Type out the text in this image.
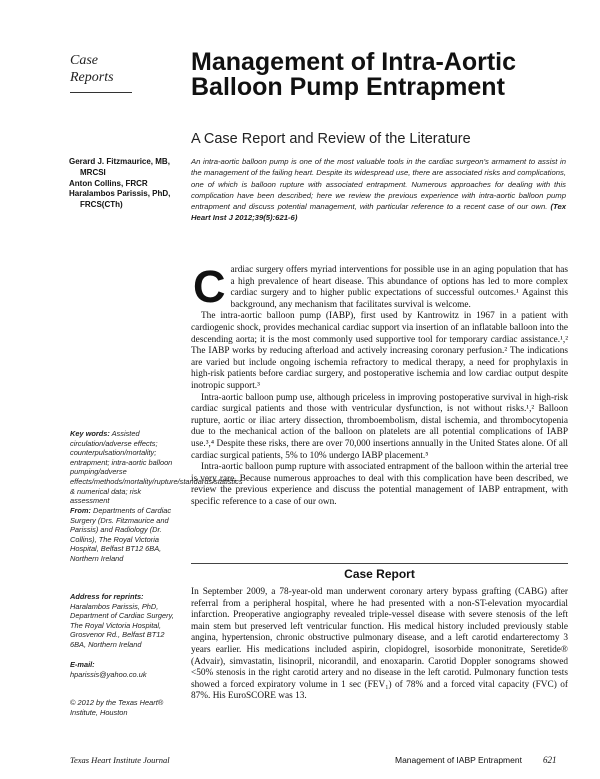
Case
Reports
Management of Intra-Aortic Balloon Pump Entrapment
A Case Report and Review of the Literature
Gerard J. Fitzmaurice, MB,
MRCSI
Anton Collins, FRCR
Haralambos Parissis, PhD,
FRCS(CTh)
An intra-aortic balloon pump is one of the most valuable tools in the cardiac surgeon's armament to assist in the management of the failing heart. Despite its widespread use, there are associated risks and complications, one of which is balloon rupture with associated entrapment. Numerous approaches for dealing with this complication have been described; here we review the previous experience with intra-aortic balloon pump entrapment and discuss potential management, with particular reference to a recent case of our own. (Tex Heart Inst J 2012;39(5):621-6)

Cardiac surgery offers myriad interventions for possible use in an aging population that has a high prevalence of heart disease. This abundance of options has led to more complex cardiac surgery and to higher public expectations of successful outcomes.¹ Against this background, any mechanism that facilitates survival is welcome.

The intra-aortic balloon pump (IABP), first used by Kantrowitz in 1967 in a patient with cardiogenic shock, provides mechanical cardiac support via insertion of an inflatable balloon into the descending aorta; it is the most commonly used supportive tool for temporary cardiac assistance.¹,² The IABP works by reducing afterload and actively increasing coronary perfusion.² The indications are varied but include ongoing ischemia refractory to medical therapy, a need for prophylaxis in high-risk patients before cardiac surgery, and postoperative ischemia and low cardiac output despite inotropic support.³

Intra-aortic balloon pump use, although priceless in improving postoperative survival in high-risk cardiac surgical patients and those with ventricular dysfunction, is not without risks.¹,² Balloon rupture, aortic or iliac artery dissection, thromboembolism, distal ischemia, and thrombocytopenia due to the mechanical action of the balloon on platelets are all potential complications of IABP use.³,⁴ Despite these risks, there are over 70,000 insertions annually in the United States alone. Of all cardiac surgical patients, 5% to 10% undergo IABP placement.⁵

Intra-aortic balloon pump rupture with associated entrapment of the balloon within the arterial tree is very rare. Because numerous approaches to deal with this complication have been described, we review the previous experience and discuss the potential management of IABP entrapment, with specific reference to a case of our own.

Case Report

In September 2009, a 78-year-old man underwent coronary artery bypass grafting (CABG) after referral from a peripheral hospital, where he had presented with a non-ST-elevation myocardial infarction. Preoperative angiography revealed triple-vessel disease with severe stenosis of the left main stem but preserved left ventricular function. His medical history included previously stable angina, hypertension, chronic obstructive pulmonary disease, and a left carotid endarterectomy 3 years earlier. His medications included aspirin, clopidogrel, isosorbide mononitrate, Seretide® (Advair), simvastatin, lisinopril, nicorandil, and enoxaparin. Carotid Doppler sonograms showed <50% stenosis in the right carotid artery and no disease in the left carotid. Pulmonary function tests showed a forced expiratory volume in 1 sec (FEV₁) of 78% and a forced vital capacity (FVC) of 87%. His EuroSCORE was 13.

Key words: Assisted circulation/adverse effects; counterpulsation/mortality; entrapment; intra-aortic balloon pumping/adverse effects/methods/mortality/rupture/standards/statistics & numerical data; risk assessment
From: Departments of Cardiac Surgery (Drs. Fitzmaurice and Parissis) and Radiology (Dr. Collins), The Royal Victoria Hospital, Belfast BT12 6BA, Northern Ireland
Address for reprints:
Haralambos Parissis, PhD, Department of Cardiac Surgery, The Royal Victoria Hospital, Grosvenor Rd., Belfast BT12 6BA, Northern Ireland
E-mail:
hparissis@yahoo.co.uk
© 2012 by the Texas Heart® Institute, Houston
Texas Heart Institute Journal	Management of IABP Entrapment 621
